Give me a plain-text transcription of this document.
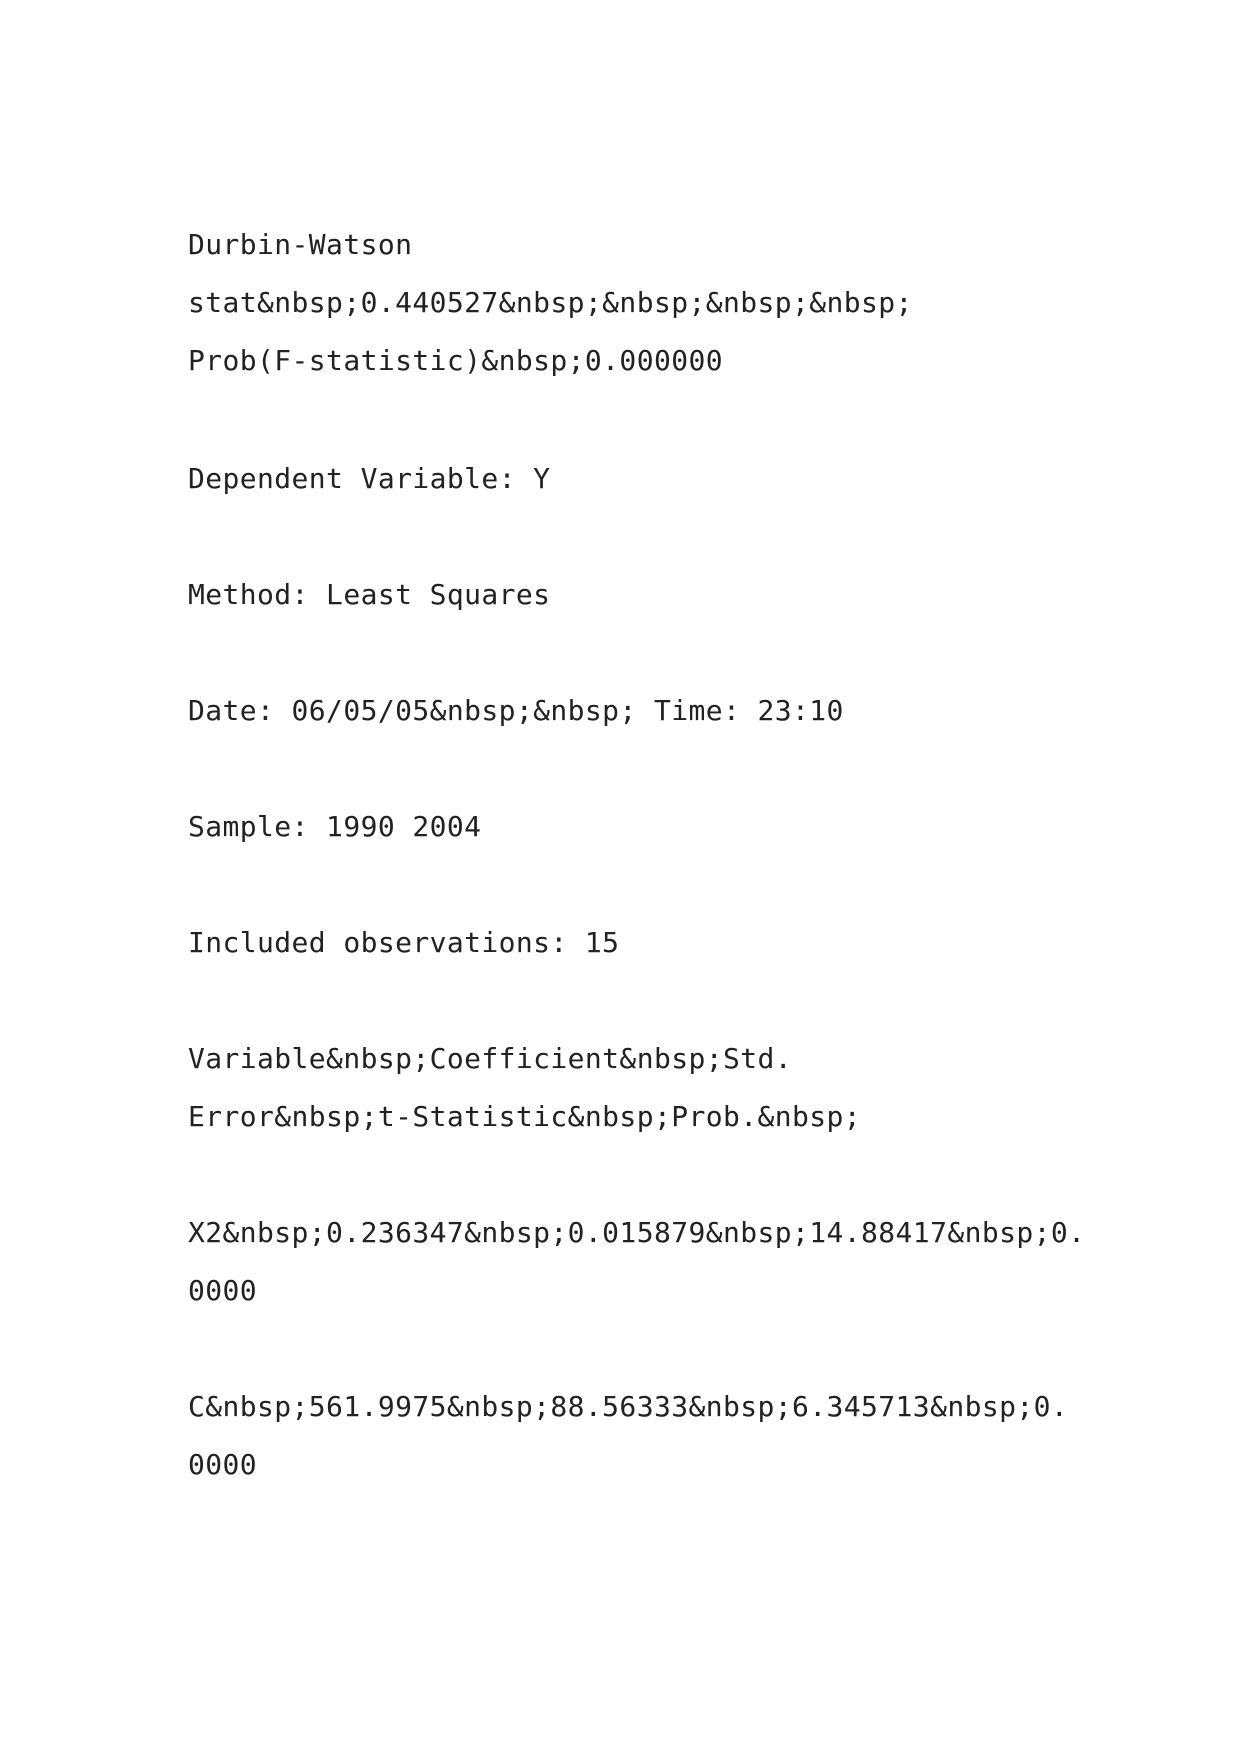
Durbin-Watson
stat&nbsp;0.440527&nbsp;&nbsp;&nbsp;&nbsp;
Prob(F-statistic)&nbsp;0.000000

Dependent Variable: Y

Method: Least Squares

Date: 06/05/05&nbsp;&nbsp; Time: 23:10

Sample: 1990 2004

Included observations: 15

Variable&nbsp;Coefficient&nbsp;Std.
Error&nbsp;t-Statistic&nbsp;Prob.&nbsp;

X2&nbsp;0.236347&nbsp;0.015879&nbsp;14.88417&nbsp;0.
0000

C&nbsp;561.9975&nbsp;88.56333&nbsp;6.345713&nbsp;0.
0000
